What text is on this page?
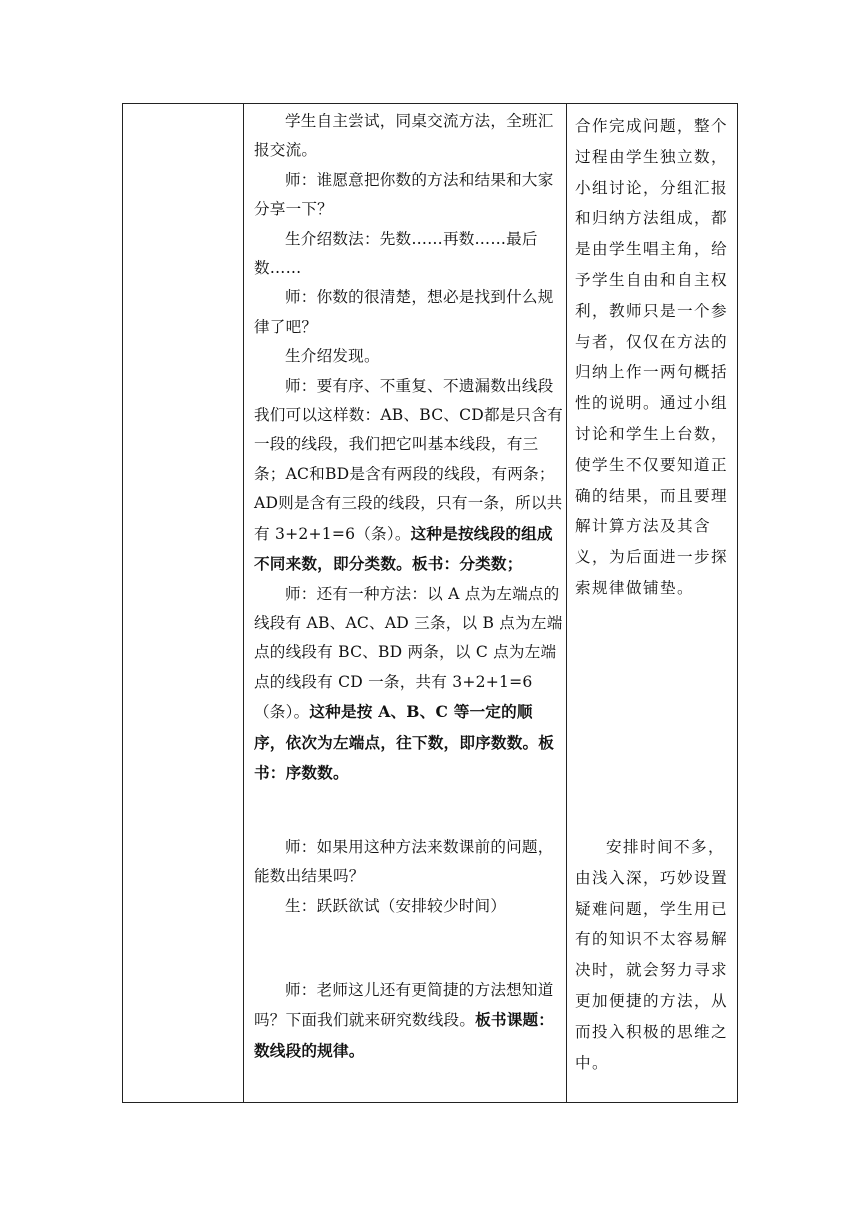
学生自主尝试，同桌交流方法，全班汇报交流。

师：谁愿意把你数的方法和结果和大家分享一下？

生介绍数法：先数……再数……最后数……

师：你数的很清楚，想必是找到什么规律了吧？

生介绍发现。

师：要有序、不重复、不遗漏数出线段我们可以这样数：AB、BC、CD都是只含有一段的线段，我们把它叫基本线段，有三条；AC和BD是含有两段的线段，有两条；AD则是含有三段的线段，只有一条，所以共有 3+2+1=6（条）。这种是按线段的组成不同来数，即分类数。板书：分类数；

师：还有一种方法：以 A 点为左端点的线段有 AB、AC、AD 三条，以 B 点为左端点的线段有 BC、BD 两条，以 C 点为左端点的线段有 CD 一条，共有 3+2+1=6（条）。这种是按 A、B、C 等一定的顺序，依次为左端点，往下数，即序数数。板书：序数数。

师：如果用这种方法来数课前的问题，能数出结果吗？

生：跃跃欲试（安排较少时间）

师：老师这儿还有更简捷的方法想知道吗？下面我们就来研究数线段。板书课题：数线段的规律。

合作完成问题，整个过程由学生独立数，小组讨论，分组汇报和归纳方法组成，都是由学生唱主角，给予学生自由和自主权利，教师只是一个参与者，仅仅在方法的归纳上作一两句概括性的说明。通过小组讨论和学生上台数，使学生不仅要知道正确的结果，而且要理解计算方法及其含义，为后面进一步探索规律做铺垫。

安排时间不多，由浅入深，巧妙设置疑难问题，学生用已有的知识不太容易解决时，就会努力寻求更加便捷的方法，从而投入积极的思维之中。
